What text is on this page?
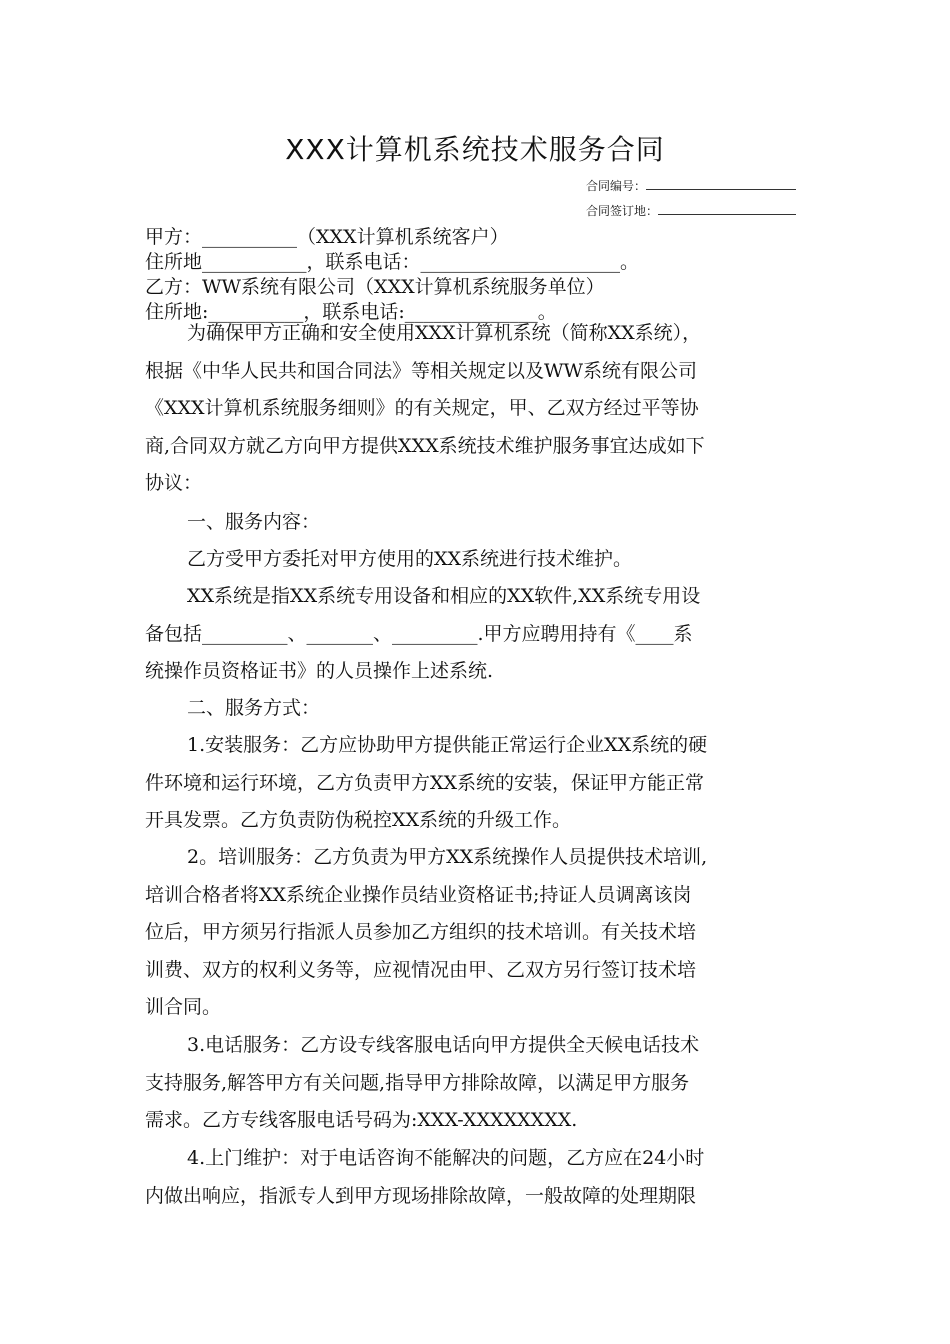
XXX计算机系统技术服务合同
合同编号：
合同签订地：
甲方：__________（XXX计算机系统客户）
住所地___________，联系电话：_____________________。
乙方：WW系统有限公司（XXX计算机系统服务单位）
住所地:__________，联系电话:______________。
为确保甲方正确和安全使用XXX计算机系统（简称XX系统），
根据《中华人民共和国合同法》等相关规定以及WW系统有限公司
《XXX计算机系统服务细则》的有关规定，甲、乙双方经过平等协
商,合同双方就乙方向甲方提供XXX系统技术维护服务事宜达成如下
协议：
一、服务内容：
乙方受甲方委托对甲方使用的XX系统进行技术维护。
XX系统是指XX系统专用设备和相应的XX软件,XX系统专用设
备包括_________、_______、_________.甲方应聘用持有《____系
统操作员资格证书》的人员操作上述系统.
二、服务方式：
1.安装服务：乙方应协助甲方提供能正常运行企业XX系统的硬
件环境和运行环境，乙方负责甲方XX系统的安装，保证甲方能正常
开具发票。乙方负责防伪税控XX系统的升级工作。
2。培训服务：乙方负责为甲方XX系统操作人员提供技术培训,
培训合格者将XX系统企业操作员结业资格证书;持证人员调离该岗
位后，甲方须另行指派人员参加乙方组织的技术培训。有关技术培
训费、双方的权利义务等，应视情况由甲、乙双方另行签订技术培
训合同。
3.电话服务：乙方设专线客服电话向甲方提供全天候电话技术
支持服务,解答甲方有关问题,指导甲方排除故障，以满足甲方服务
需求。乙方专线客服电话号码为:XXX-XXXXXXXX.
4.上门维护：对于电话咨询不能解决的问题，乙方应在24小时
内做出响应，指派专人到甲方现场排除故障，一般故障的处理期限
